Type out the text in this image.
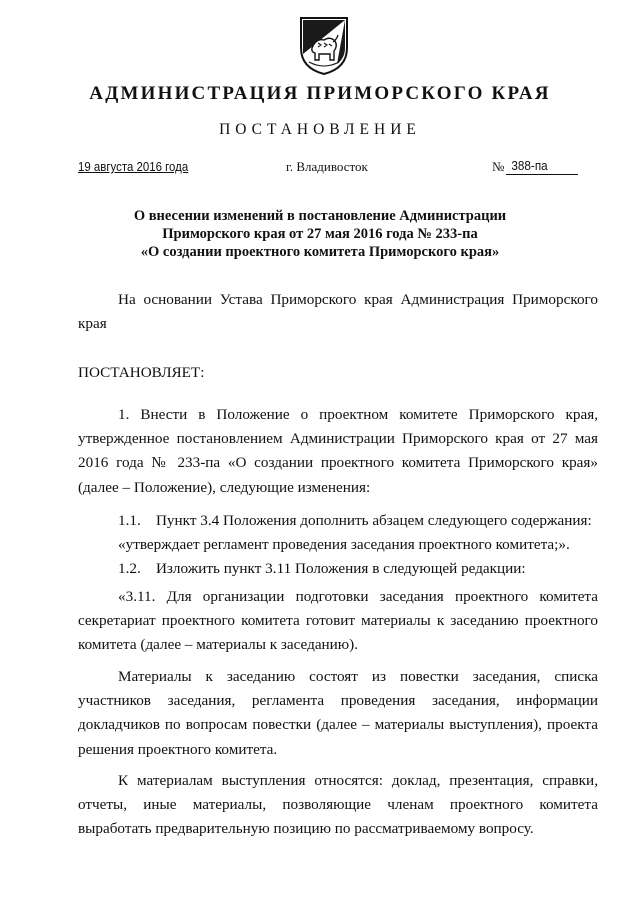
АДМИНИСТРАЦИЯ ПРИМОРСКОГО КРАЯ
ПОСТАНОВЛЕНИЕ
19 августа 2016 года	г. Владивосток	№ 388-па
О внесении изменений в постановление Администрации
Приморского края от 27 мая 2016 года № 233-па
«О создании проектного комитета Приморского края»
На основании Устава Приморского края Администрация Приморского
края
ПОСТАНОВЛЯЕТ:
1. Внести в Положение о проектном комитете Приморского края,
утвержденное постановлением Администрации Приморского края от 27 мая
2016 года № 233-па «О создании проектного комитета Приморского края»
(далее – Положение), следующие изменения:
1.1.    Пункт 3.4 Положения дополнить абзацем следующего содержания:
«утверждает регламент проведения заседания проектного комитета;».
1.2.    Изложить пункт 3.11 Положения в следующей редакции:
«3.11. Для организации подготовки заседания проектного комитета
секретариат проектного комитета готовит материалы к заседанию проектного
комитета (далее – материалы к заседанию).
Материалы к заседанию состоят из повестки заседания, списка
участников заседания, регламента проведения заседания, информации
докладчиков по вопросам повестки (далее – материалы выступления), проекта
решения проектного комитета.
К материалам выступления относятся: доклад, презентация, справки,
отчеты, иные материалы, позволяющие членам проектного комитета
выработать предварительную позицию по рассматриваемому вопросу.
